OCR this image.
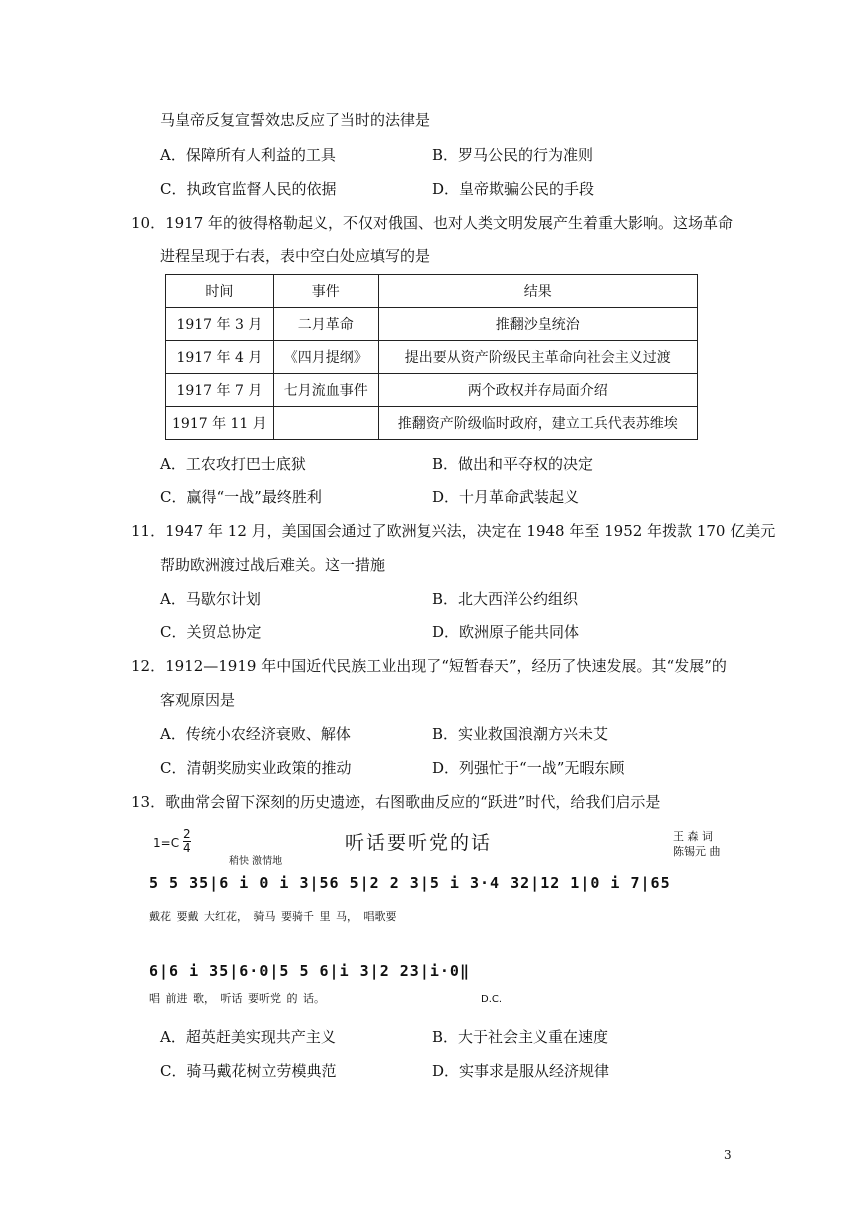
马皇帝反复宣誓效忠反应了当时的法律是
A．保障所有人利益的工具	B．罗马公民的行为准则
C．执政官监督人民的依据	D．皇帝欺骗公民的手段
10．1917 年的彼得格勒起义，不仅对俄国、也对人类文明发展产生着重大影响。这场革命
进程呈现于右表，表中空白处应填写的是
时间	事件	结果
1917 年 3 月	二月革命	推翻沙皇统治
1917 年 4 月	《四月提纲》	提出要从资产阶级民主革命向社会主义过渡
1917 年 7 月	七月流血事件	两个政权并存局面介绍
1917 年 11 月		推翻资产阶级临时政府，建立工兵代表苏维埃
A．工农攻打巴士底狱	B．做出和平夺权的决定
C．赢得“一战”最终胜利	D．十月革命武装起义
11．1947 年 12 月，美国国会通过了欧洲复兴法，决定在 1948 年至 1952 年拨款 170 亿美元
帮助欧洲渡过战后难关。这一措施
A．马歇尔计划	B．北大西洋公约组织
C．关贸总协定	D．欧洲原子能共同体
12．1912—1919 年中国近代民族工业出现了“短暂春天”，经历了快速发展。其“发展”的
客观原因是
A．传统小农经济衰败、解体	B．实业救国浪潮方兴未艾
C．清朝奖励实业政策的推动	D．列强忙于“一战”无暇东顾
13．歌曲常会留下深刻的历史遗迹，右图歌曲反应的“跃进”时代，给我们启示是
$1=C \frac{2}{4}$
稍快 激情地
听话要听党的话	王 森 词
陈锡元 曲
5 5 35|6 i 0 i 3|56 5|2 2 3|5 i 3·4 32|12 1|0 i 7|65
戴花 要戴 大红花， 骑马 要骑千 里 马， 唱歌要
6|6 i 35|6·0|5 5 6|i 3|2 23|i·0‖
唱 前进 歌， 听话 要听党 的 话。	D.C.
A．超英赶美实现共产主义	B．大于社会主义重在速度
C．骑马戴花树立劳模典范	D．实事求是服从经济规律
3
